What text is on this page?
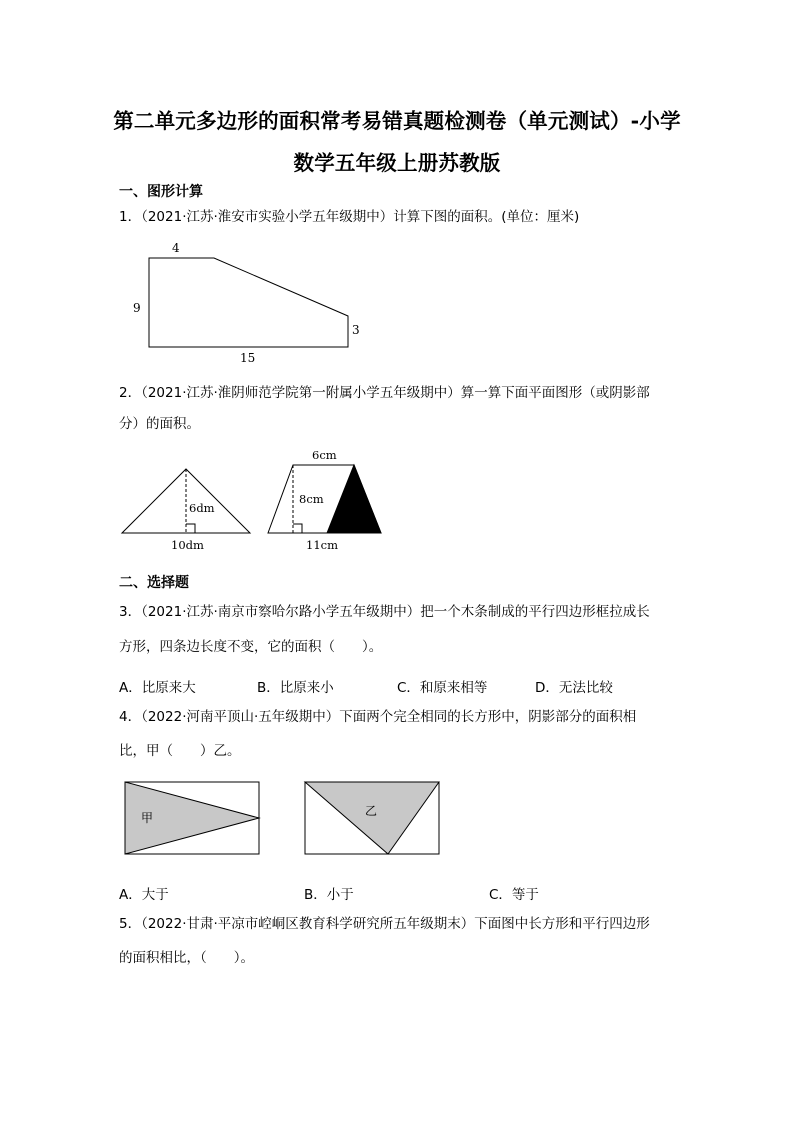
第二单元多边形的面积常考易错真题检测卷（单元测试）-小学
数学五年级上册苏教版
一、图形计算
1．（2021·江苏·淮安市实验小学五年级期中）计算下图的面积。(单位：厘米)
4
9
3
15
2．（2021·江苏·淮阴师范学院第一附属小学五年级期中）算一算下面平面图形（或阴影部
分）的面积。
6dm
10dm
6cm
8cm
11cm
二、选择题
3．（2021·江苏·南京市察哈尔路小学五年级期中）把一个木条制成的平行四边形框拉成长
方形，四条边长度不变，它的面积（　　）。
A．比原来大	B．比原来小	C．和原来相等	D．无法比较
4．（2022·河南平顶山·五年级期中）下面两个完全相同的长方形中，阴影部分的面积相
比，甲（　　）乙。
甲	乙
A．大于	B．小于	C．等于
5．（2022·甘肃·平凉市崆峒区教育科学研究所五年级期末）下面图中长方形和平行四边形
的面积相比，（　　）。
